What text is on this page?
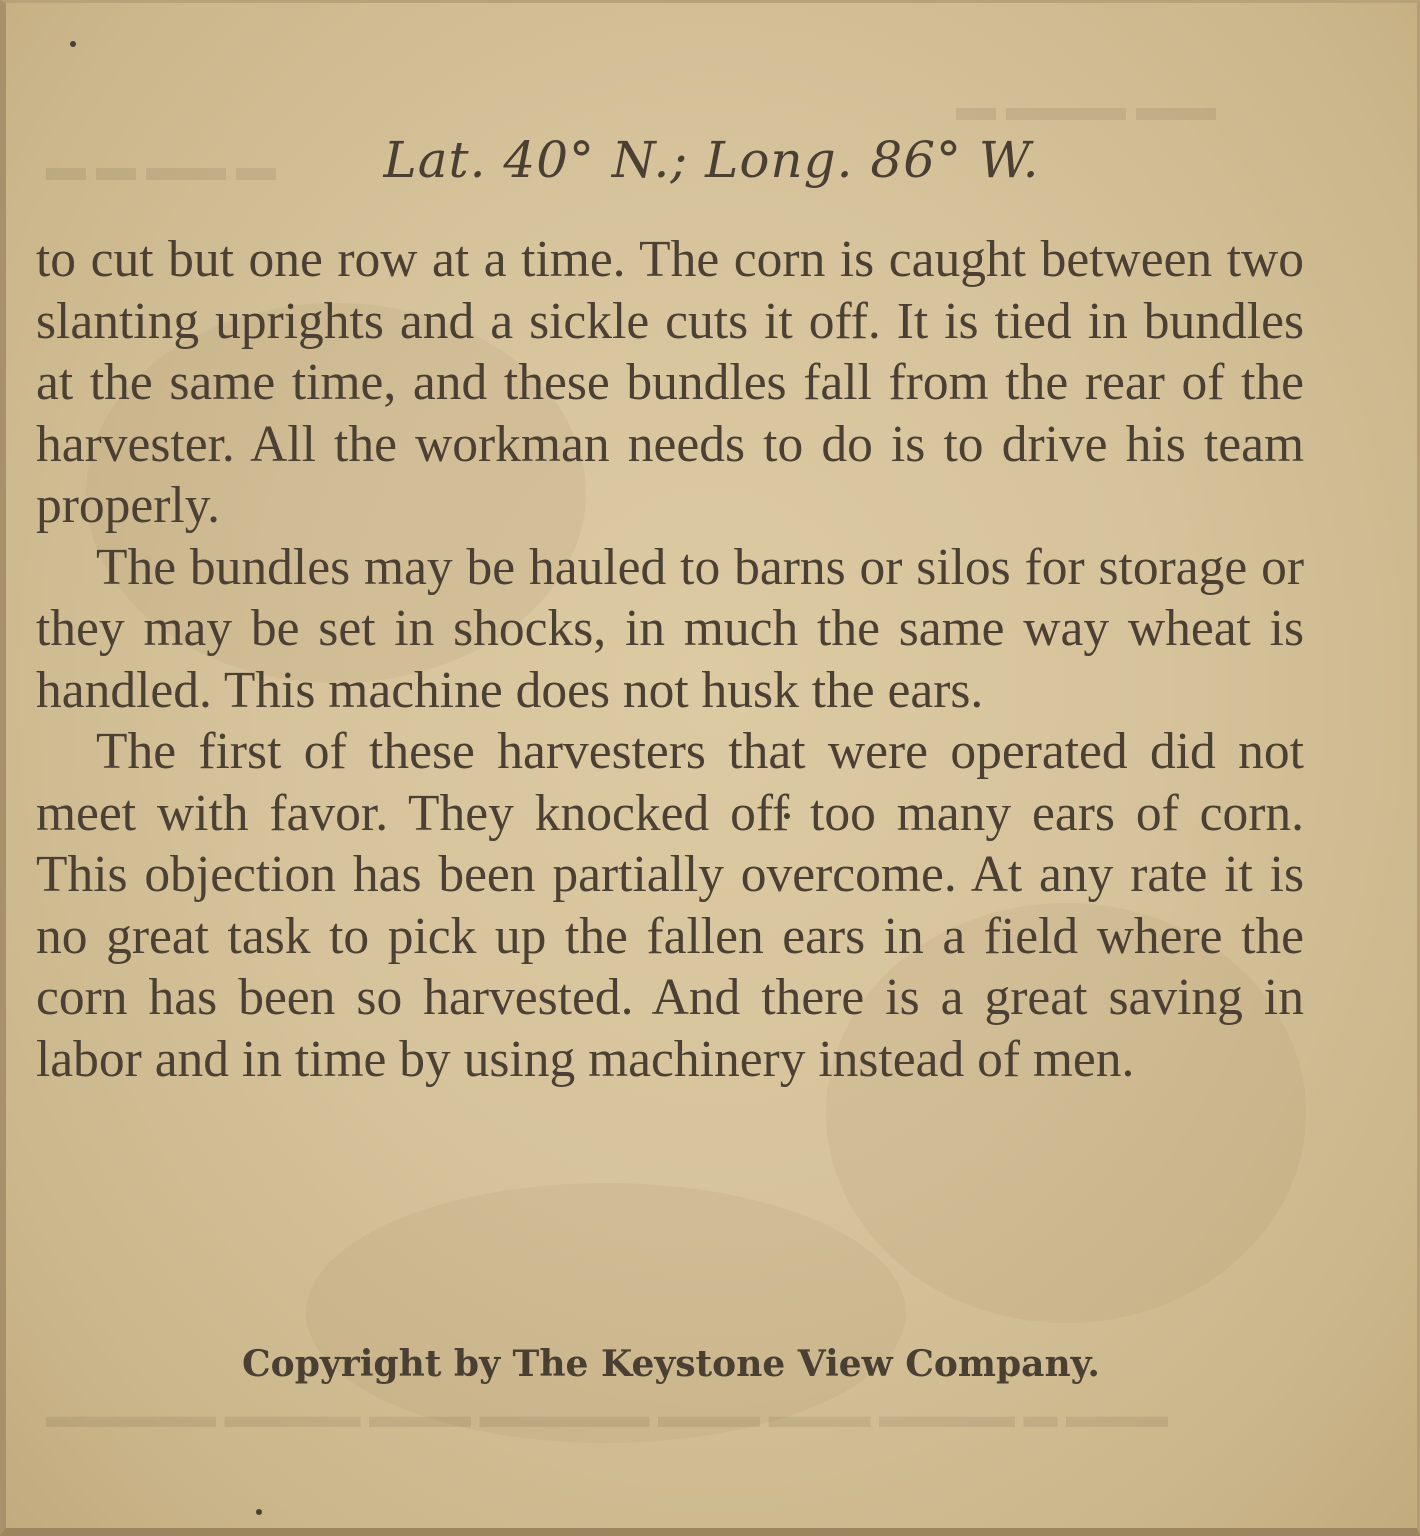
▬ ▬▬ ▬ ▬
▬▬ ▬▬▬ ▬
▬▬▬ ▬ ▬▬▬▬ ▬▬▬ ▬▬▬ ▬▬▬▬▬ ▬▬▬ ▬▬▬▬ ▬▬▬▬▬
Lat. 40° N.; Long. 86° W.

to cut but one row at a time. The corn is caught between two slanting uprights and a sickle cuts it off. It is tied in bundles at the same time, and these bundles fall from the rear of the harvester. All the workman needs to do is to drive his team properly.

The bundles may be hauled to barns or silos for storage or they may be set in shocks, in much the same way wheat is handled. This machine does not husk the ears.

The first of these harvesters that were operated did not meet with favor. They knocked off too many ears of corn. This objection has been partially overcome. At any rate it is no great task to pick up the fallen ears in a field where the corn has been so harvested. And there is a great saving in labor and in time by using machinery instead of men.

Copyright by The Keystone View Company.
